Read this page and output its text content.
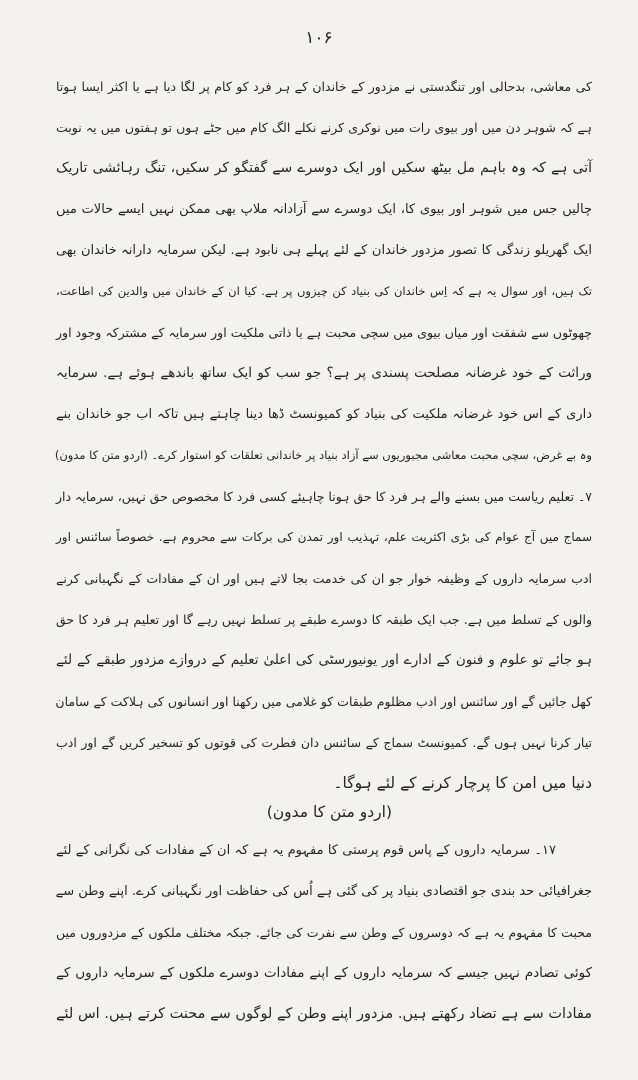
۱۰۶
کی معاشی، بدحالی اور تنگدستی نے مزدور کے خاندان کے ہر فرد کو کام پر لگا دیا ہے یا اکثر ایسا ہوتا
ہے کہ شوہر دن میں اور بیوی رات میں نوکری کرنے نکلے الگ کام میں جٹے ہوں تو ہفتوں میں یہ نوبت
آتی ہے کہ وہ باہم مل بیٹھ سکیں اور ایک دوسرے سے گفتگو کر سکیں، تنگ رہائشی تاریک
چالیں جس میں شوہر اور بیوی کا، ایک دوسرے سے آزادانہ ملاپ بھی ممکن نہیں ایسے حالات میں
ایک گھریلو زندگی کا تصور مزدور خاندان کے لئے پہلے ہی نابود ہے. لیکن سرمایہ دارانہ خاندان بھی
تک ہیں، اور سوال یہ ہے کہ اِس خاندان کی بنیاد کن چیزوں پر ہے. کیا ان کے خاندان میں والدین کی اطاعت،
چھوٹوں سے شفقت اور میاں بیوی میں سچی محبت ہے یا ذاتی ملکیت اور سرمایہ کے مشترکہ وجود اور
وراثت کے خود غرضانہ مصلحت پسندی پر ہے؟ جو سب کو ایک ساتھ باندھے ہوئے ہے. سرمایہ
داری کے اس خود غرضانہ ملکیت کی بنیاد کو کمیونسٹ ڈھا دینا چاہتے ہیں تاکہ اب جو خاندان بنے
وہ بے غرض، سچی محبت معاشی مجبوریوں سے آزاد بنیاد پر خاندانی تعلقات کو استوار کرے۔ (اردو متن کا مدون)
۷۔ تعلیم ریاست میں بسنے والے ہر فرد کا حق ہونا چاہیئے کسی فرد کا مخصوص حق نہیں، سرمایہ دار
سماج میں آج عوام کی بڑی اکثریت علم، تہذیب اور تمدن کی برکات سے محروم ہے. خصوصاً سائنس اور
ادب سرمایہ داروں کے وظیفہ خوار جو ان کی خدمت بجا لاتے ہیں اور ان کے مفادات کے نگہبانی کرنے
والوں کے تسلط میں ہے. جب ایک طبقہ کا دوسرے طبقے پر تسلط نہیں رہے گا اور تعلیم ہر فرد کا حق
ہو جائے تو علوم و فنون کے ادارے اور یونیورسٹی کی اعلیٰ تعلیم کے دروازے مزدور طبقے کے لئے
کھل جائیں گے اور سائنس اور ادب مظلوم طبقات کو غلامی میں رکھنا اور انسانوں کی ہلاکت کے سامان
تیار کرنا نہیں ہوں گے. کمیونسٹ سماج کے سائنس دان فطرت کی قوتوں کو تسخیر کریں گے اور ادب
دنیا میں امن کا پرچار کرنے کے لئے ہوگا۔
(اردو متن کا مدون)
۱۷۔ سرمایہ داروں کے پاس قوم پرستی کا مفہوم یہ ہے کہ ان کے مفادات کی نگرانی کے لئے
جغرافیائی حد بندی جو اقتصادی بنیاد پر کی گئی ہے اُس کی حفاظت اور نگہبانی کرے. اپنے وطن سے
محبت کا مفہوم یہ ہے کہ دوسروں کے وطن سے نفرت کی جائے. جبکہ مختلف ملکوں کے مزدوروں میں
کوئی تصادم نہیں جیسے کہ سرمایہ داروں کے اپنے مفادات دوسرے ملکوں کے سرمایہ داروں کے
مفادات سے ہے تضاد رکھتے ہیں. مزدور اپنے وطن کے لوگوں سے محنت کرتے ہیں. اس لئے
